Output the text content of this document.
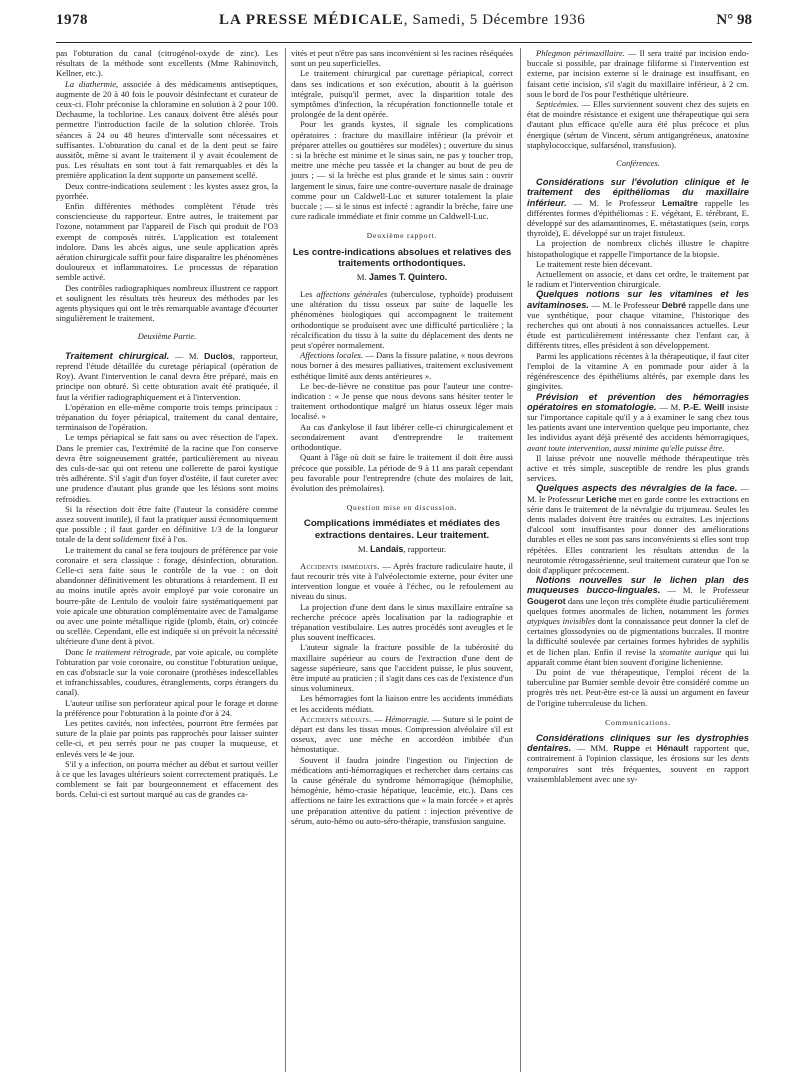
1978	LA PRESSE MÉDICALE, Samedi, 5 Décembre 1936	N° 98

pas l'obturation du canal (citrogénol-oxyde de zinc). Les résultats de la méthode sont excellents (Mme Rabinovitch, Kellner, etc.).

La diathermie, associée à des médicaments antiseptiques, augmente de 20 à 40 fois le pouvoir désinfectant et curateur de ceux-ci. Flohr préconise la chloramine en solution à 2 pour 100. Dechaume, la tochlorine. Les canaux doivent être alésés pour permettre l'introduction facile de la solution chlorée. Trois séances à 24 ou 48 heures d'intervalle sont nécessaires et suffisantes. L'obturation du canal et de la dent peut se faire aussitôt, même si avant le traitement il y avait écoulement de pus. Les résultats en sont tout à fait remarquables et dès la première application la dent supporte un pansement scellé.

Deux contre-indications seulement : les kystes assez gros, la pyorrhée.

Enfin différentes méthodes complètent l'étude très consciencieuse du rapporteur. Entre autres, le traitement par l'ozone, notamment par l'appareil de Fisch qui produit de l'O3 exempt de composés nitrés. L'application est totalement indolore. Dans les abcès aigus, une seule application après aération chirurgicale suffit pour faire disparaître les phénomènes douloureux et inflammatoires. Le processus de réparation semble activé.

Des contrôles radiographiques nombreux illustrent ce rapport et soulignent les résultats très heureux des méthodes par les agents physiques qui ont le très remarquable avantage d'écourter singulièrement le traitement.

Deuxième Partie.

Traitement chirurgical. — M. Duclos, rapporteur, reprend l'étude détaillée du curetage périapical (opération de Roy). Avant l'intervention le canal devra être préparé, mais en principe non obturé. Si cette obturation avait été pratiquée, il faut la vérifier radiographiquement et à l'intervention.

L'opération en elle-même comporte trois temps principaux : trépanation du foyer périapical, traitement du canal dentaire, terminaison de l'opération.

Le temps périapical se fait sans ou avec résection de l'apex. Dans le premier cas, l'extrémité de la racine que l'on conserve devra être soigneusement grattée, particulièrement au niveau des culs-de-sac qui ont retenu une collerette de paroi kystique très adhérente. S'il s'agit d'un foyer d'ostéite, il faut cureter avec une prudence d'autant plus grande que les lésions sont moins refroidies.

Si la résection doit être faite (l'auteur la considère comme assez souvent inutile), il faut la pratiquer aussi économiquement que possible ; il faut garder en définitive 1/3 de la longueur totale de la dent solidement fixé à l'os.

Le traitement du canal se fera toujours de préférence par voie coronaire et sera classique : forage, désinfection, obturation. Celle-ci sera faite sous le contrôle de la vue : on doit abandonner définitivement les obturations à retardement. Il est au moins inutile après avoir employé par voie coronaire un bourre-pâte de Lentulo de vouloir faire systématiquement par voie apicale une obturation complémentaire avec de l'amalgame ou avec une pointe métallique rigide (plomb, étain, or) coincée ou scellée. Cependant, elle est indiquée si on prévoit la nécessité ultérieure d'une dent à pivot.

Donc le traitement rétrograde, par voie apicale, ou complète l'obturation par voie coronaire, ou constitue l'obturation unique, en cas d'obstacle sur la voie coronaire (prothèses indescellables et infranchissables, coudures, étranglements, corps étrangers du canal).

L'auteur utilise son perforateur apical pour le forage et donne la préférence pour l'obturation à la pointe d'or à 24.

Les petites cavités, non infectées, pourront être fermées par suture de la plaie par points pas rapprochés pour laisser suinter celle-ci, et peu serrés pour ne pas couper la muqueuse, et enlevés vers le 4e jour.

S'il y a infection, on pourra mécher au début et surtout veiller à ce que les lavages ultérieurs soient correctement pratiqués. Le comblement se fait par bourgeonnement et effacement des bords. Celui-ci est surtout marqué au cas de grandes ca-

vités et peut n'être pas sans inconvénient si les racines réséquées sont un peu superficielles.

Le traitement chirurgical par curettage périapical, correct dans ses indications et son exécution, aboutit à la guérison intégrale, puisqu'il permet, avec la disparition totale des symptômes d'infection, la récupération fonctionnelle totale et prolongée de la dent opérée.

Pour les grands kystes, il signale les complications opératoires : fracture du maxillaire inférieur (la prévoir et préparer attelles ou gouttières sur modèles) ; ouverture du sinus : si la brèche est minime et le sinus sain, ne pas y toucher trop, mettre une mèche peu tassée et la changer au bout de peu de jours ; — si la brèche est plus grande et le sinus sain : ouvrir largement le sinus, faire une contre-ouverture nasale de drainage comme pour un Caldwell-Luc et suturer totalement la plaie buccale ; — si le sinus est infecté : agrandir la brèche, faire une cure radicale immédiate et finir comme un Caldwell-Luc.

Deuxième rapport.
Les contre-indications absolues et relatives des traitements orthodontiques.
M. James T. Quintero.

Les affections générales (tuberculose, typhoïde) produisent une altération du tissu osseux par suite de laquelle les phénomènes biologiques qui accompagnent le traitement orthodontique se produisent avec une difficulté particulière ; la récalcification du tissu à la suite du déplacement des dents ne peut s'opérer normalement.

Affections locales. — Dans la fissure palatine, « nous devrons nous borner à des mesures palliatives, traitement exclusivement esthétique limité aux dents antérieures ».

Le bec-de-lièvre ne constitue pas pour l'auteur une contre-indication : « Je pense que nous devons sans hésiter tenter le traitement orthodontique malgré un hiatus osseux léger mais localisé. »

Au cas d'ankylose il faut libérer celle-ci chirurgicalement et secondairement avant d'entreprendre le traitement orthodontique.

Quant à l'âge où doit se faire le traitement il doit être aussi précoce que possible. La période de 9 à 11 ans paraît cependant peu favorable pour l'entreprendre (chute des molaires de lait, évolution des prémolaires).

Question mise en discussion.
Complications immédiates et médiates des extractions dentaires. Leur traitement.
M. Landais, rapporteur.

Accidents immédiats. — Après fracture radiculaire haute, il faut recourir très vite à l'alvéolectomie externe, pour éviter une intervention longue et vouée à l'échec, ou le refoulement au niveau du sinus.

La projection d'une dent dans le sinus maxillaire entraîne sa recherche précoce après localisation par la radiographie et trépanation vestibulaire. Les autres procédés sont aveugles et le plus souvent inefficaces.

L'auteur signale la fracture possible de la tubérosité du maxillaire supérieur au cours de l'extraction d'une dent de sagesse supérieure, sans que l'accident puisse, le plus souvent, être imputé au praticien ; il s'agit dans ces cas de l'existence d'un sinus volumineux.

Les hémorragies font la liaison entre les accidents immédiats et les accidents médiats.

Accidents médiats. — Hémorragie. — Suture si le point de départ est dans les tissus mous. Compression alvéolaire s'il est osseux, avec une mèche en accordéon imbibée d'un hémostatique.

Souvent il faudra joindre l'ingestion ou l'injection de médications anti-hémorragiques et rechercher dans certains cas la cause générale du syndrome hémorragique (hémophilie, hémogénie, hémo-crasie hépatique, leucémie, etc.). Dans ces affections ne faire les extractions que « la main forcée » et après une préparation attentive du patient : injection préventive de sérum, auto-hémo ou auto-séro-thérapie, transfusion sanguine.

Phlegmon périmaxillaire. — Il sera traité par incision endo-buccale si possible, par drainage filiforme si l'intervention est externe, par incision externe si le drainage est insuffisant, en faisant cette incision, s'il s'agit du maxillaire inférieur, à 2 cm. sous le bord de l'os pour l'esthétique ultérieure.

Septicémies. — Elles surviennent souvent chez des sujets en état de moindre résistance et exigent une thérapeutique qui sera d'autant plus efficace qu'elle aura été plus précoce et plus énergique (sérum de Vincent, sérum antigangréneux, anatoxine staphylococcique, sulfarsénol, transfusion).

Conférences.

Considérations sur l'évolution clinique et le traitement des épithéliomas du maxillaire inférieur. — M. le Professeur Lemaître rappelle les différentes formes d'épithéliomas : E. végétant, E. térébrant, E. développé sur des adamantinomes, E. métastatiques (sein, corps thyroïde), E. développé sur un trajet fistuleux.

La projection de nombreux clichés illustre le chapitre histopathologique et rappelle l'importance de la biopsie.

Le traitement reste bien décevant.

Actuellement on associe, et dans cet ordre, le traitement par le radium et l'intervention chirurgicale.

Quelques notions sur les vitamines et les avitaminoses. — M. le Professeur Debré rappelle dans une vue synthétique, pour chaque vitamine, l'historique des recherches qui ont abouti à nos connaissances actuelles. Leur étude est particulièrement intéressante chez l'enfant car, à différents titres, elles président à son développement.

Parmi les applications récentes à la thérapeutique, il faut citer l'emploi de la vitamine A en pommade pour aider à la régénérescence des épithéliums altérés, par exemple dans les gingivites.

Prévision et prévention des hémorragies opératoires en stomatologie. — M. P.-E. Weill insiste sur l'importance capitale qu'il y a à examiner le sang chez tous les patients avant une intervention quelque peu importante, chez les individus ayant déjà présenté des accidents hémorragiques, avant toute intervention, aussi minime qu'elle puisse être.

Il laisse prévoir une nouvelle méthode thérapeutique très active et très simple, susceptible de rendre les plus grands services.

Quelques aspects des névralgies de la face. — M. le Professeur Leriche met en garde contre les extractions en série dans le traitement de la névralgie du trijumeau. Seules les dents malades doivent être traitées ou extraites. Les injections d'alcool sont insuffisantes pour donner des améliorations durables et elles ne sont pas sans inconvénients si elles sont trop répétées. Elles contrarient les résultats attendus de la neurotomie rétrogassérienne, seul traitement curateur que l'on se doit d'appliquer précocement.

Notions nouvelles sur le lichen plan des muqueuses bucco-linguales. — M. le Professeur Gougerot dans une leçon très complète étudie particulièrement quelques formes anormales de lichen, notamment les formes atypiques invisibles dont la connaissance peut donner la clef de certaines glossodynies ou de pigmentations buccales. Il montre la difficulté soulevée par certaines formes hybrides de syphilis et de lichen plan. Enfin il revise la stomatite aurique qui lui apparaît comme étant bien souvent d'origine lichenienne.

Du point de vue thérapeutique, l'emploi récent de la tuberculine par Burnier semble devoir être considéré comme un progrès très net. Peut-être est-ce là aussi un argument en faveur de l'origine tuberculeuse du lichen.

Communications.

Considérations cliniques sur les dystrophies dentaires. — MM. Ruppe et Hénault rapportent que, contrairement à l'opinion classique, les érosions sur les dents temporaires sont très fréquentes, souvent en rapport vraisemblablement avec une sy-
